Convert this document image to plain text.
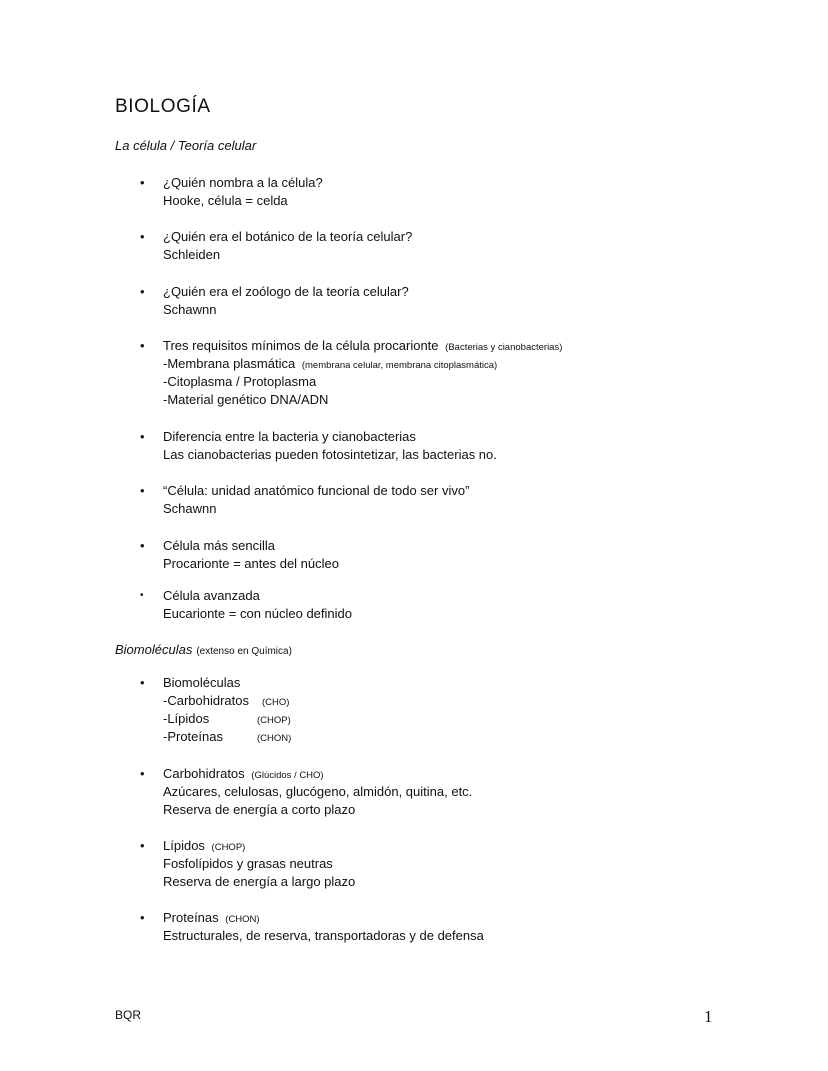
BIOLOGÍA
La célula / Teoría celular
• ¿Quién nombra a la célula?
Hooke, célula = celda
• ¿Quién era el botánico de la teoría celular?
Schleiden
• ¿Quién era el zoólogo de la teoría celular?
Schawnn
• Tres requisitos mínimos de la célula procarionte (Bacterias y cianobacterias)
-Membrana plasmática (membrana celular, membrana citoplasmática)
-Citoplasma / Protoplasma
-Material genético DNA/ADN
• Diferencia entre la bacteria y cianobacterias
Las cianobacterias pueden fotosintetizar, las bacterias no.
• “Célula: unidad anatómico funcional de todo ser vivo”
Schawnn
• Célula más sencilla
Procarionte = antes del núcleo
• Célula avanzada
Eucarionte = con núcleo definido
Biomoléculas (extenso en Química)
• Biomoléculas
-Carbohidratos (CHO)
-Lípidos	(CHOP)
-Proteínas	(CHON)
• Carbohidratos (Glúcidos / CHO)
Azúcares, celulosas, glucógeno, almidón, quitina, etc.
Reserva de energía a corto plazo
• Lípidos (CHOP)
Fosfolípidos y grasas neutras
Reserva de energía a largo plazo
• Proteínas (CHON)
Estructurales, de reserva, transportadoras y de defensa
BQR	1
